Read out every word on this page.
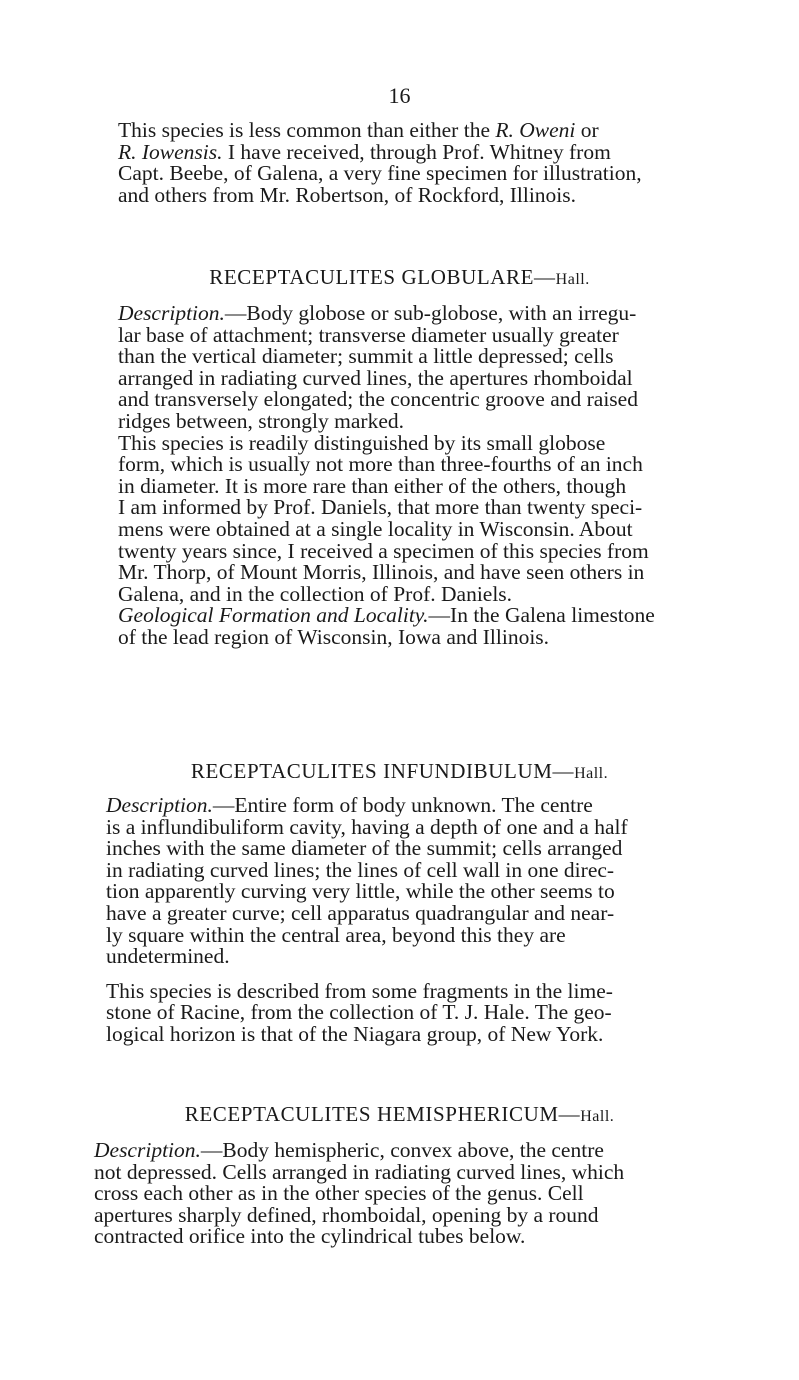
16

This species is less common than either the R. Oweni or
R. Iowensis. I have received, through Prof. Whitney from
Capt. Beebe, of Galena, a very fine specimen for illustration,
and others from Mr. Robertson, of Rockford, Illinois.

RECEPTACULITES GLOBULARE—Hall.

Description.—Body globose or sub-globose, with an irregu-
lar base of attachment; transverse diameter usually greater
than the vertical diameter; summit a little depressed; cells
arranged in radiating curved lines, the apertures rhomboidal
and transversely elongated; the concentric groove and raised
ridges between, strongly marked.

This species is readily distinguished by its small globose
form, which is usually not more than three-fourths of an inch
in diameter. It is more rare than either of the others, though
I am informed by Prof. Daniels, that more than twenty speci-
mens were obtained at a single locality in Wisconsin. About
twenty years since, I received a specimen of this species from
Mr. Thorp, of Mount Morris, Illinois, and have seen others in
Galena, and in the collection of Prof. Daniels.

Geological Formation and Locality.—In the Galena limestone
of the lead region of Wisconsin, Iowa and Illinois.

RECEPTACULITES INFUNDIBULUM—Hall.

Description.—Entire form of body unknown. The centre
is a influndibuliform cavity, having a depth of one and a half
inches with the same diameter of the summit; cells arranged
in radiating curved lines; the lines of cell wall in one direc-
tion apparently curving very little, while the other seems to
have a greater curve; cell apparatus quadrangular and near-
ly square within the central area, beyond this they are
undetermined.

This species is described from some fragments in the lime-
stone of Racine, from the collection of T. J. Hale. The geo-
logical horizon is that of the Niagara group, of New York.

RECEPTACULITES HEMISPHERICUM—Hall.

Description.—Body hemispheric, convex above, the centre
not depressed. Cells arranged in radiating curved lines, which
cross each other as in the other species of the genus. Cell
apertures sharply defined, rhomboidal, opening by a round
contracted orifice into the cylindrical tubes below.
